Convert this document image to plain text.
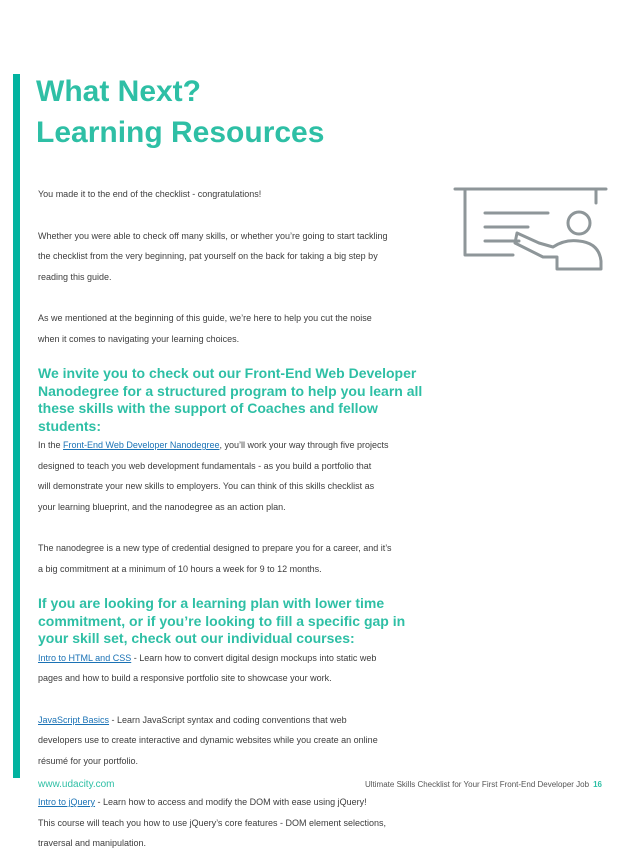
What Next?
Learning Resources

You made it to the end of the checklist - congratulations!

Whether you were able to check off many skills, or whether you’re going to start tackling
the checklist from the very beginning, pat yourself on the back for taking a big step by
reading this guide.

As we mentioned at the beginning of this guide, we’re here to help you cut the noise
when it comes to navigating your learning choices.

We invite you to check out our Front-End Web Developer
Nanodegree for a structured program to help you learn all
these skills with the support of Coaches and fellow students:

In the Front-End Web Developer Nanodegree, you’ll work your way through five projects
designed to teach you web development fundamentals - as you build a portfolio that
will demonstrate your new skills to employers. You can think of this skills checklist as
your learning blueprint, and the nanodegree as an action plan.

The nanodegree is a new type of credential designed to prepare you for a career, and it’s
a big commitment at a minimum of 10 hours a week for 9 to 12 months.

If you are looking for a learning plan with lower time
commitment, or if you’re looking to fill a specific gap in
your skill set, check out our individual courses:

Intro to HTML and CSS - Learn how to convert digital design mockups into static web
pages and how to build a responsive portfolio site to showcase your work.

JavaScript Basics - Learn JavaScript syntax and coding conventions that web
developers use to create interactive and dynamic websites while you create an online
résumé for your portfolio.

Intro to jQuery - Learn how to access and modify the DOM with ease using jQuery!
This course will teach you how to use jQuery’s core features - DOM element selections,
traversal and manipulation.

www.udacity.com	Ultimate Skills Checklist for Your First Front-End Developer Job 16
